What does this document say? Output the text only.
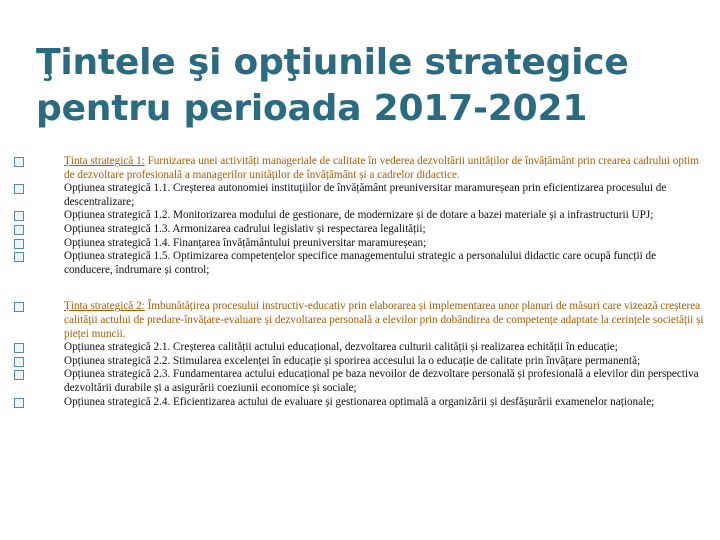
Ţintele şi opţiunile strategice
pentru perioada 2017-2021
Ținta strategică 1: Furnizarea unei activități manageriale de calitate în vederea dezvoltării unităților de învățământ prin crearea cadrului optim de dezvoltare profesională a managerilor unităților de învățământ și a cadrelor didactice.
Opțiunea strategică 1.1. Creșterea autonomiei instituțiilor de învățământ preuniversitar maramureșean prin eficientizarea procesului de descentralizare;
Opțiunea strategică 1.2. Monitorizarea modului de gestionare, de modernizare și de dotare a bazei materiale și a infrastructurii UPJ;
Opțiunea strategică 1.3. Armonizarea cadrului legislativ și respectarea legalității;
Opțiunea strategică 1.4. Finanțarea învățământului preuniversitar maramureșean;
Opțiunea strategică 1.5. Optimizarea competențelor specifice managementului strategic a personalului didactic care ocupă funcții de conducere, îndrumare și control;
Ținta strategică 2: Îmbunătățirea procesului instructiv-educativ prin elaborarea și implementarea unor planuri de măsuri care vizează creșterea calității actului de predare-învățare-evaluare și dezvoltarea personală a elevilor prin dobândirea de competențe adaptate la cerințele societății și pieței muncii.
Opțiunea strategică 2.1. Creșterea calității actului educațional, dezvoltarea culturii calității și realizarea echității în educație;
Opțiunea strategică 2.2. Stimularea excelenței în educație și sporirea accesului la o educație de calitate prin învățare permanentă;
Opțiunea strategică 2.3. Fundamentarea actului educațional pe baza nevoilor de dezvoltare personală și profesională a elevilor din perspectiva dezvoltării durabile și a asigurării coeziunii economice și sociale;
Opțiunea strategică 2.4. Eficientizarea actului de evaluare și gestionarea optimală a organizării și desfășurării examenelor naționale;
